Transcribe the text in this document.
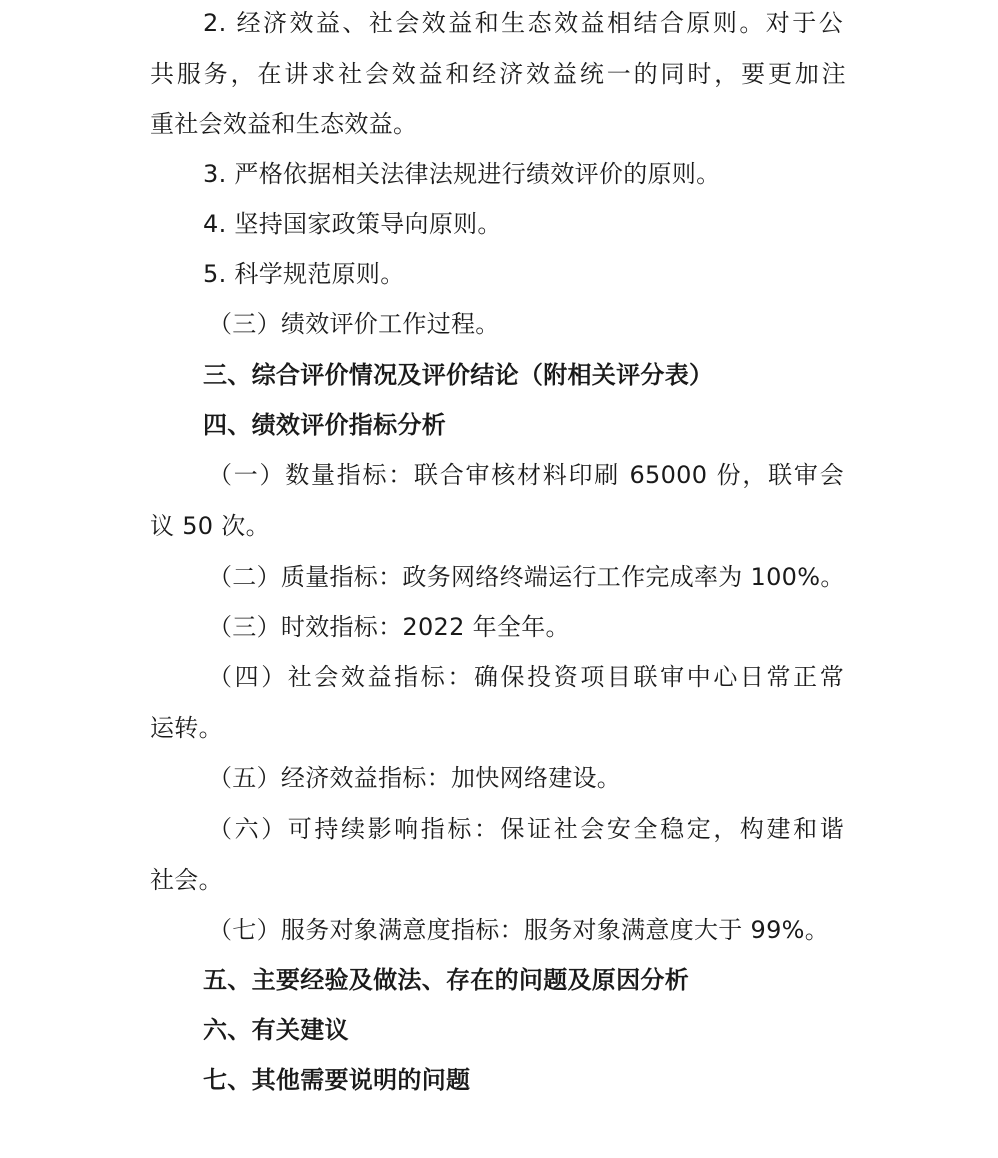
2. 经济效益、社会效益和生态效益相结合原则。对于公
共服务，在讲求社会效益和经济效益统一的同时，要更加注
重社会效益和生态效益。
3. 严格依据相关法律法规进行绩效评价的原则。
4. 坚持国家政策导向原则。
5. 科学规范原则。
（三）绩效评价工作过程。
三、综合评价情况及评价结论（附相关评分表）
四、绩效评价指标分析
（一）数量指标：联合审核材料印刷 65000 份，联审会
议 50 次。
（二）质量指标：政务网络终端运行工作完成率为 100%。
（三）时效指标：2022 年全年。
（四）社会效益指标：确保投资项目联审中心日常正常
运转。
（五）经济效益指标：加快网络建设。
（六）可持续影响指标：保证社会安全稳定，构建和谐
社会。
（七）服务对象满意度指标：服务对象满意度大于 99%。
五、主要经验及做法、存在的问题及原因分析
六、有关建议
七、其他需要说明的问题
